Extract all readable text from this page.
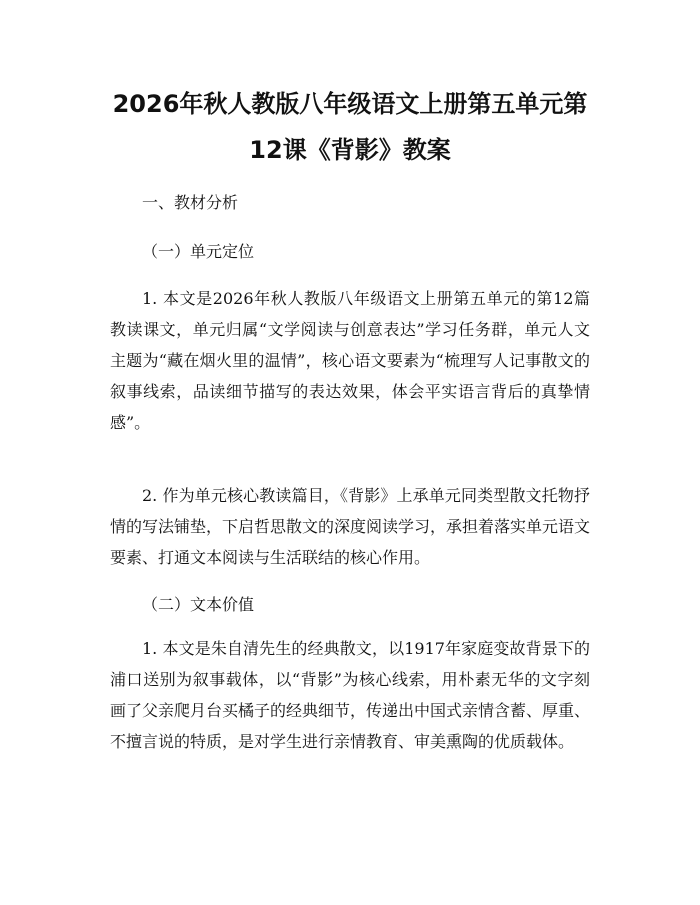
2026年秋人教版八年级语文上册第五单元第
12课《背影》教案

一、教材分析

（一）单元定位

1. 本文是2026年秋人教版八年级语文上册第五单元的第12篇教读课文，单元归属“文学阅读与创意表达”学习任务群，单元人文主题为“藏在烟火里的温情”，核心语文要素为“梳理写人记事散文的叙事线索，品读细节描写的表达效果，体会平实语言背后的真挚情感”。

2. 作为单元核心教读篇目，《背影》上承单元同类型散文托物抒情的写法铺垫，下启哲思散文的深度阅读学习，承担着落实单元语文要素、打通文本阅读与生活联结的核心作用。

（二）文本价值

1. 本文是朱自清先生的经典散文，以1917年家庭变故背景下的浦口送别为叙事载体，以“背影”为核心线索，用朴素无华的文字刻画了父亲爬月台买橘子的经典细节，传递出中国式亲情含蓄、厚重、不擅言说的特质，是对学生进行亲情教育、审美熏陶的优质载体。
